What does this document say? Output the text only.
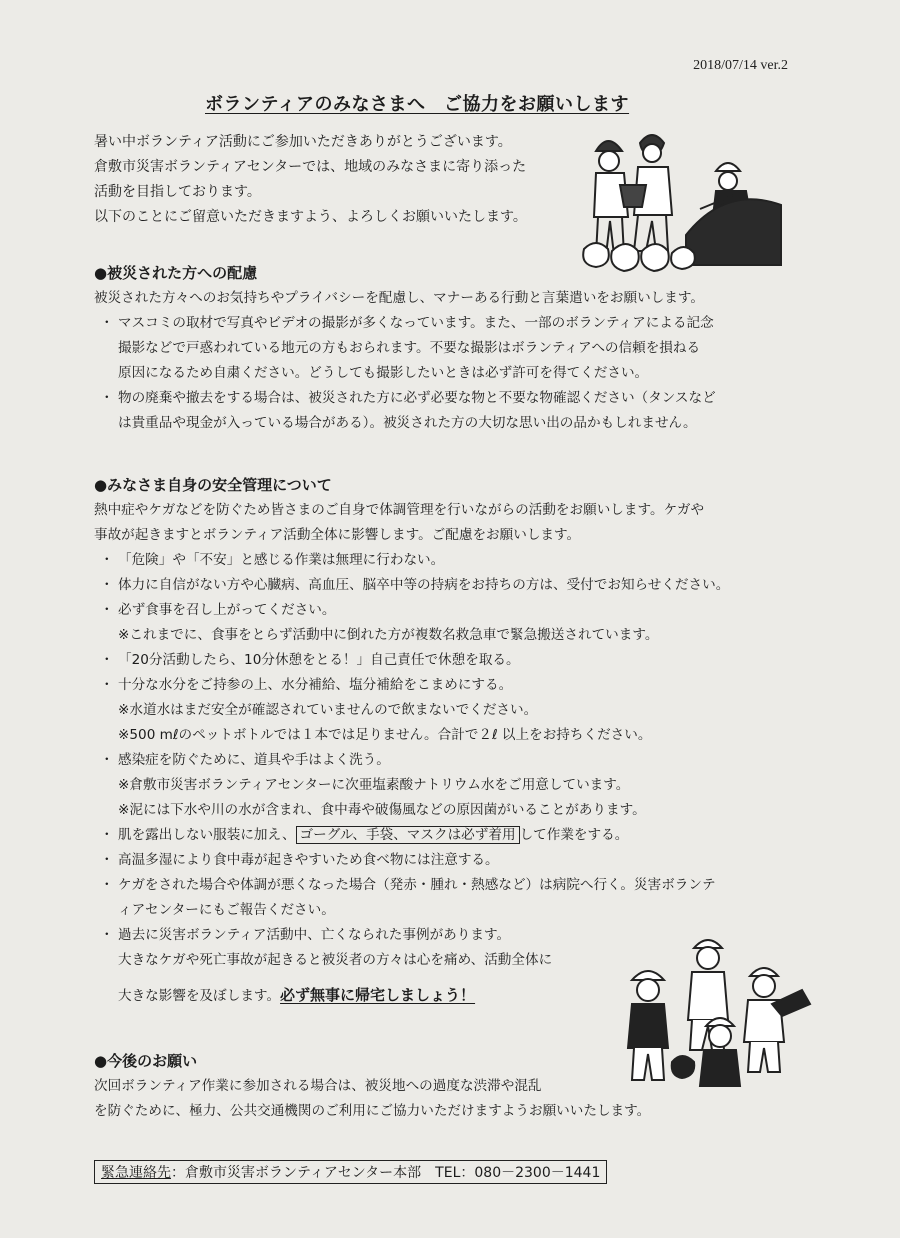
2018/07/14 ver.2
ボランティアのみなさまへ　ご協力をお願いします

暑い中ボランティア活動にご参加いただきありがとうございます。

倉敷市災害ボランティアセンターでは、地域のみなさまに寄り添った

活動を目指しております。

以下のことにご留意いただきますよう、よろしくお願いいたします。

●被災された方への配慮

被災された方々へのお気持ちやプライバシーを配慮し、マナーある行動と言葉遣いをお願いします。

・ マスコミの取材で写真やビデオの撮影が多くなっています。また、一部のボランティアによる記念

撮影などで戸惑われている地元の方もおられます。不要な撮影はボランティアへの信頼を損ねる

原因になるため自粛ください。どうしても撮影したいときは必ず許可を得てください。

・ 物の廃棄や撤去をする場合は、被災された方に必ず必要な物と不要な物確認ください（タンスなど

は貴重品や現金が入っている場合がある）。被災された方の大切な思い出の品かもしれません。

●みなさま自身の安全管理について

熱中症やケガなどを防ぐため皆さまのご自身で体調管理を行いながらの活動をお願いします。ケガや

事故が起きますとボランティア活動全体に影響します。ご配慮をお願いします。

・ 「危険」や「不安」と感じる作業は無理に行わない。

・ 体力に自信がない方や心臓病、高血圧、脳卒中等の持病をお持ちの方は、受付でお知らせください。

・ 必ず食事を召し上がってください。

※これまでに、食事をとらず活動中に倒れた方が複数名救急車で緊急搬送されています。

・ 「20分活動したら、10分休憩をとる！」自己責任で休憩を取る。

・ 十分な水分をご持参の上、水分補給、塩分補給をこまめにする。

※水道水はまだ安全が確認されていませんので飲まないでください。

※500 mℓのペットボトルでは１本では足りません。合計で２ℓ 以上をお持ちください。

・ 感染症を防ぐために、道具や手はよく洗う。

※倉敷市災害ボランティアセンターに次亜塩素酸ナトリウム水をご用意しています。

※泥には下水や川の水が含まれ、食中毒や破傷風などの原因菌がいることがあります。

・ 肌を露出しない服装に加え、 ゴーグル、手袋、マスクは必ず着用 して作業をする。

・ 高温多湿により食中毒が起きやすいため食べ物には注意する。

・ ケガをされた場合や体調が悪くなった場合（発赤・腫れ・熱感など）は病院へ行く。災害ボランテ

ィアセンターにもご報告ください。

・ 過去に災害ボランティア活動中、亡くなられた事例があります。

大きなケガや死亡事故が起きると被災者の方々は心を痛め、活動全体に

大きな影響を及ぼします。必ず無事に帰宅しましょう！

●今後のお願い

次回ボランティア作業に参加される場合は、被災地への過度な渋滞や混乱

を防ぐために、極力、公共交通機関のご利用にご協力いただけますようお願いいたします。

緊急連絡先：倉敷市災害ボランティアセンター本部　TEL：080－2300－1441
